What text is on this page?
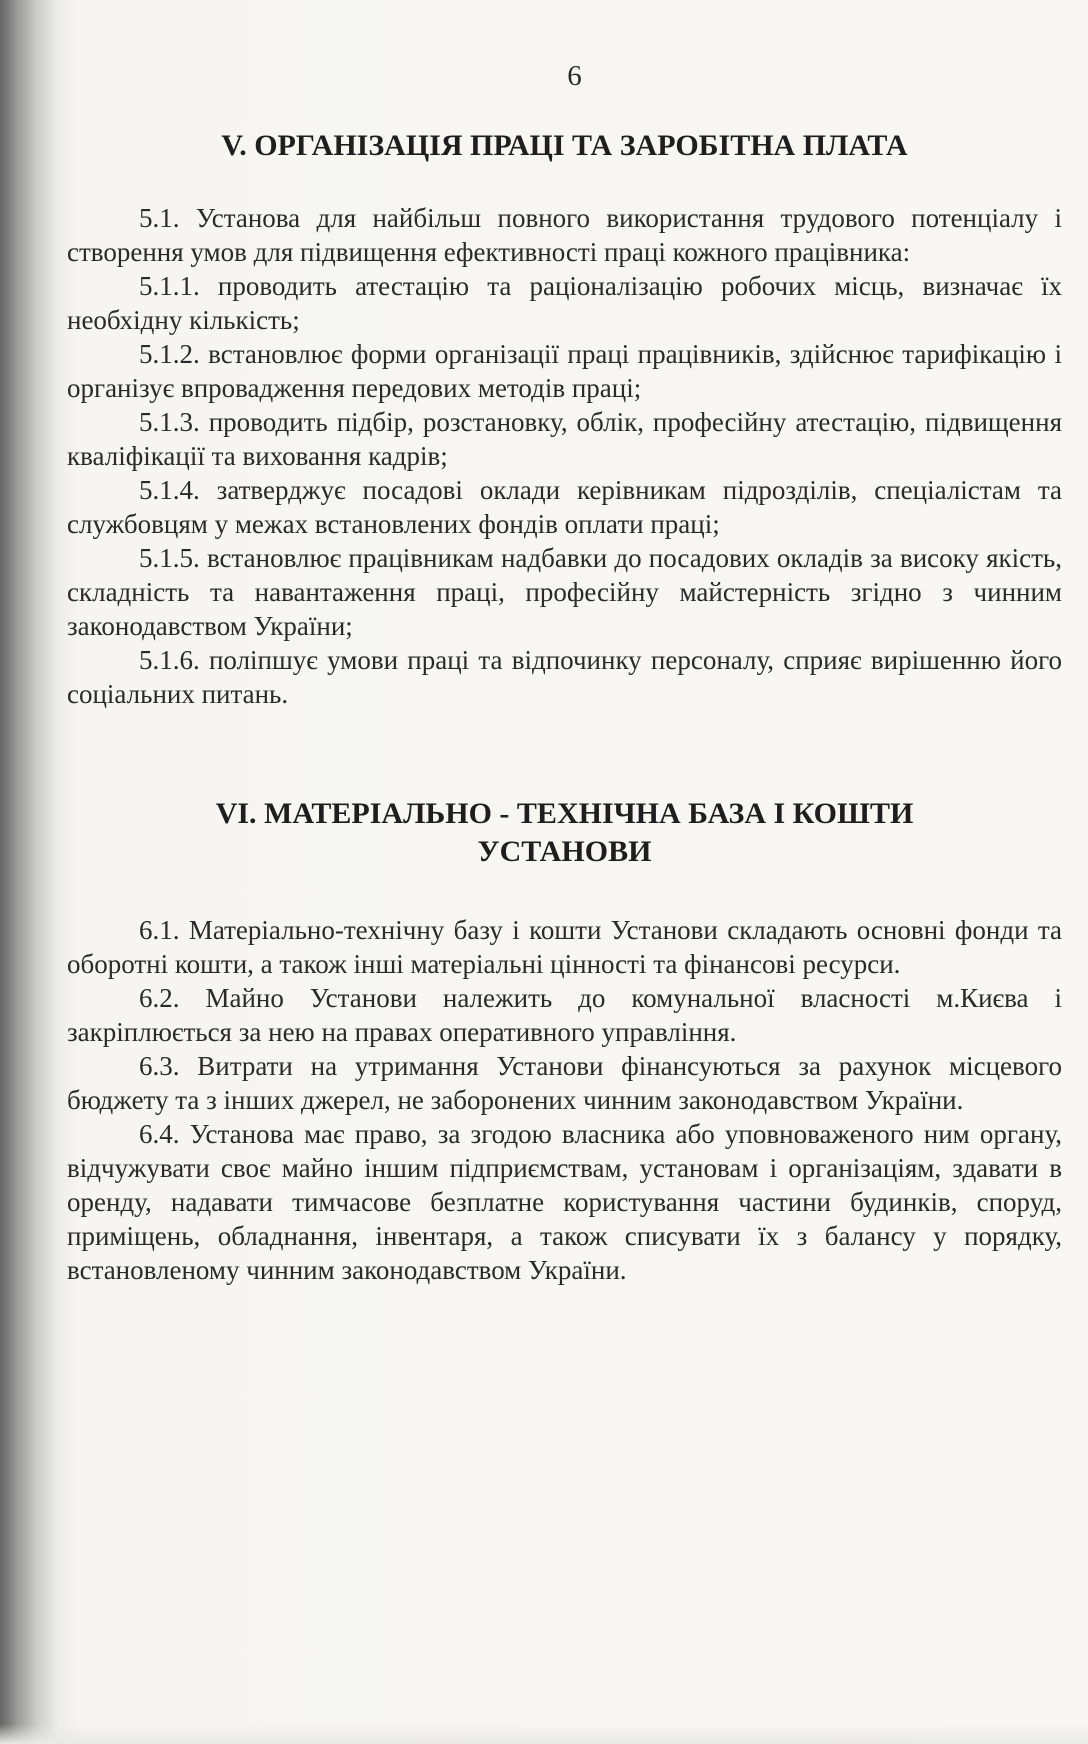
6
V. ОРГАНІЗАЦІЯ ПРАЦІ ТА ЗАРОБІТНА ПЛАТА

5.1. Установа для найбільш повного використання трудового потенціалу і створення умов для підвищення ефективності праці кожного працівника:

5.1.1. проводить атестацію та раціоналізацію робочих місць, визначає їх необхідну кількість;

5.1.2. встановлює форми організації праці працівників, здійснює тарифікацію і організує впровадження передових методів праці;

5.1.3. проводить підбір, розстановку, облік, професійну атестацію, підвищення кваліфікації та виховання кадрів;

5.1.4. затверджує посадові оклади керівникам підрозділів, спеціалістам та службовцям у межах встановлених фондів оплати праці;

5.1.5. встановлює працівникам надбавки до посадових окладів за високу якість, складність та навантаження праці, професійну майстерність згідно з чинним законодавством України;

5.1.6. поліпшує умови праці та відпочинку персоналу, сприяє вирішенню його соціальних питань.

VI. МАТЕРІАЛЬНО - ТЕХНІЧНА БАЗА І КОШТИ
УСТАНОВИ

6.1. Матеріально-технічну базу і кошти Установи складають основні фонди та оборотні кошти, а також інші матеріальні цінності та фінансові ресурси.

6.2. Майно Установи належить до комунальної власності м.Києва і закріплюється за нею на правах оперативного управління.

6.3. Витрати на утримання Установи фінансуються за рахунок місцевого бюджету та з інших джерел, не заборонених чинним законодавством України.

6.4. Установа має право, за згодою власника або уповноваженого ним органу, відчужувати своє майно іншим підприємствам, установам і організаціям, здавати в оренду, надавати тимчасове безплатне користування частини будинків, споруд, приміщень, обладнання, інвентаря, а також списувати їх з балансу у порядку, встановленому чинним законодавством України.
